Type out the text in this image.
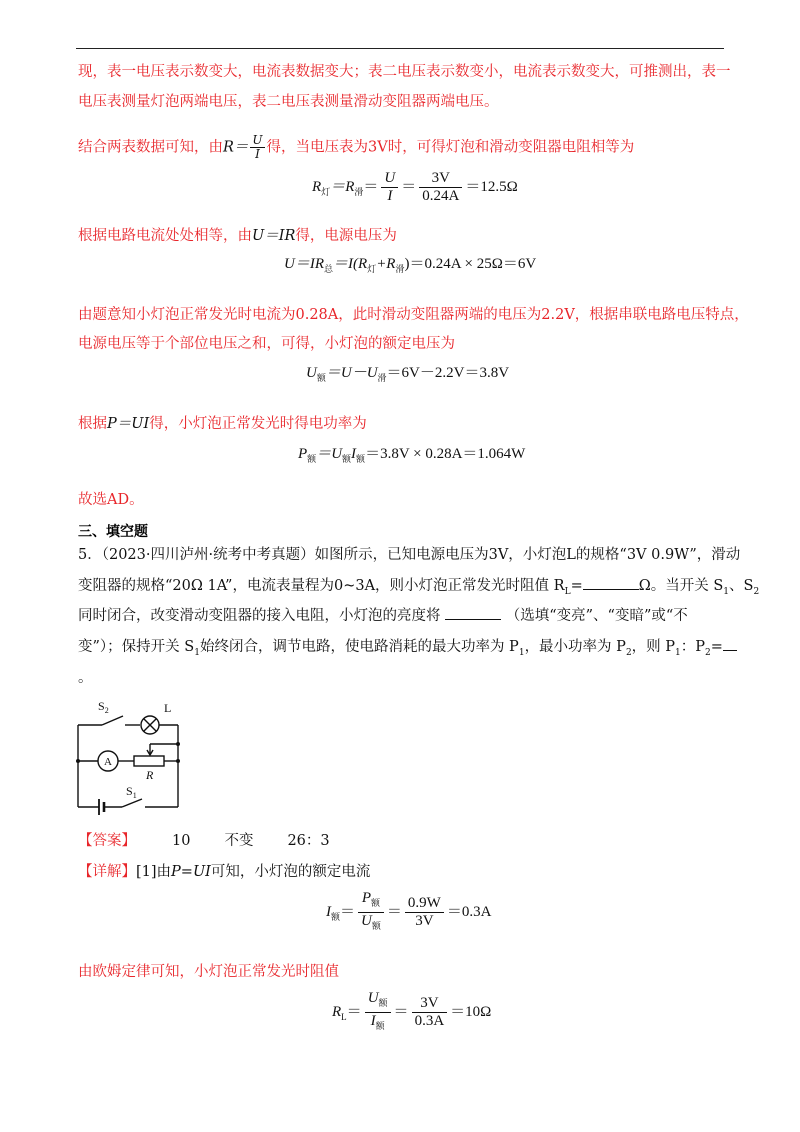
现，表一电压表示数变大，电流表数据变大；表二电压表示数变小，电流表示数变大，可推测出，表一
电压表测量灯泡两端电压，表二电压表测量滑动变阻器两端电压。
结合两表数据可知，由$R= \frac{U}{I}$ 得，当电压表为3V时，可得灯泡和滑动变阻器电阻相等为
$R_灯=R_滑= \frac{U}{I} = \frac{3V}{0.24A} =12.5\Omega$
根据电路电流处处相等，由U＝IR得，电源电压为
$U=IR_总=I(R_灯+R_滑)=0.24A \times 25\Omega=6V$
由题意知小灯泡正常发光时电流为0.28A，此时滑动变阻器两端的电压为2.2V，根据串联电路电压特点，
电源电压等于个部位电压之和，可得，小灯泡的额定电压为
$U_额=U-U_滑=6V-2.2V=3.8V$
根据P＝UI得，小灯泡正常发光时得电功率为
$P_额=U_额I_额=3.8V \times 0.28A=1.064W$
故选AD。
三、填空题
5．（2023·四川泸州·统考中考真题）如图所示，已知电源电压为3V，小灯泡L的规格“3V 0.9W”，滑动
变阻器的规格“20Ω 1A”，电流表量程为0~3A，则小灯泡正常发光时阻值 $R_L=$	Ω。当开关 $S_1$、$S_2$
同时闭合，改变滑动变阻器的接入电阻，小灯泡的亮度将	（选填“变亮”、“变暗”或“不
变”）；保持开关 $S_1$始终闭合，调节电路，使电路消耗的最大功率为 $P_1$，最小功率为 $P_2$，则 $P_1$：$P_2=$
。
$S_2$	L
A
R
$S_1$
【答案】 10 不变 26：3
【详解】[1]由P=UI可知，小灯泡的额定电流
$I_额= \frac{P_额}{U_额} = \frac{0.9W}{3V} =0.3A$
由欧姆定律可知，小灯泡正常发光时阻值
$R_L= \frac{U_额}{I_额} = \frac{3V}{0.3A} =10\Omega$
